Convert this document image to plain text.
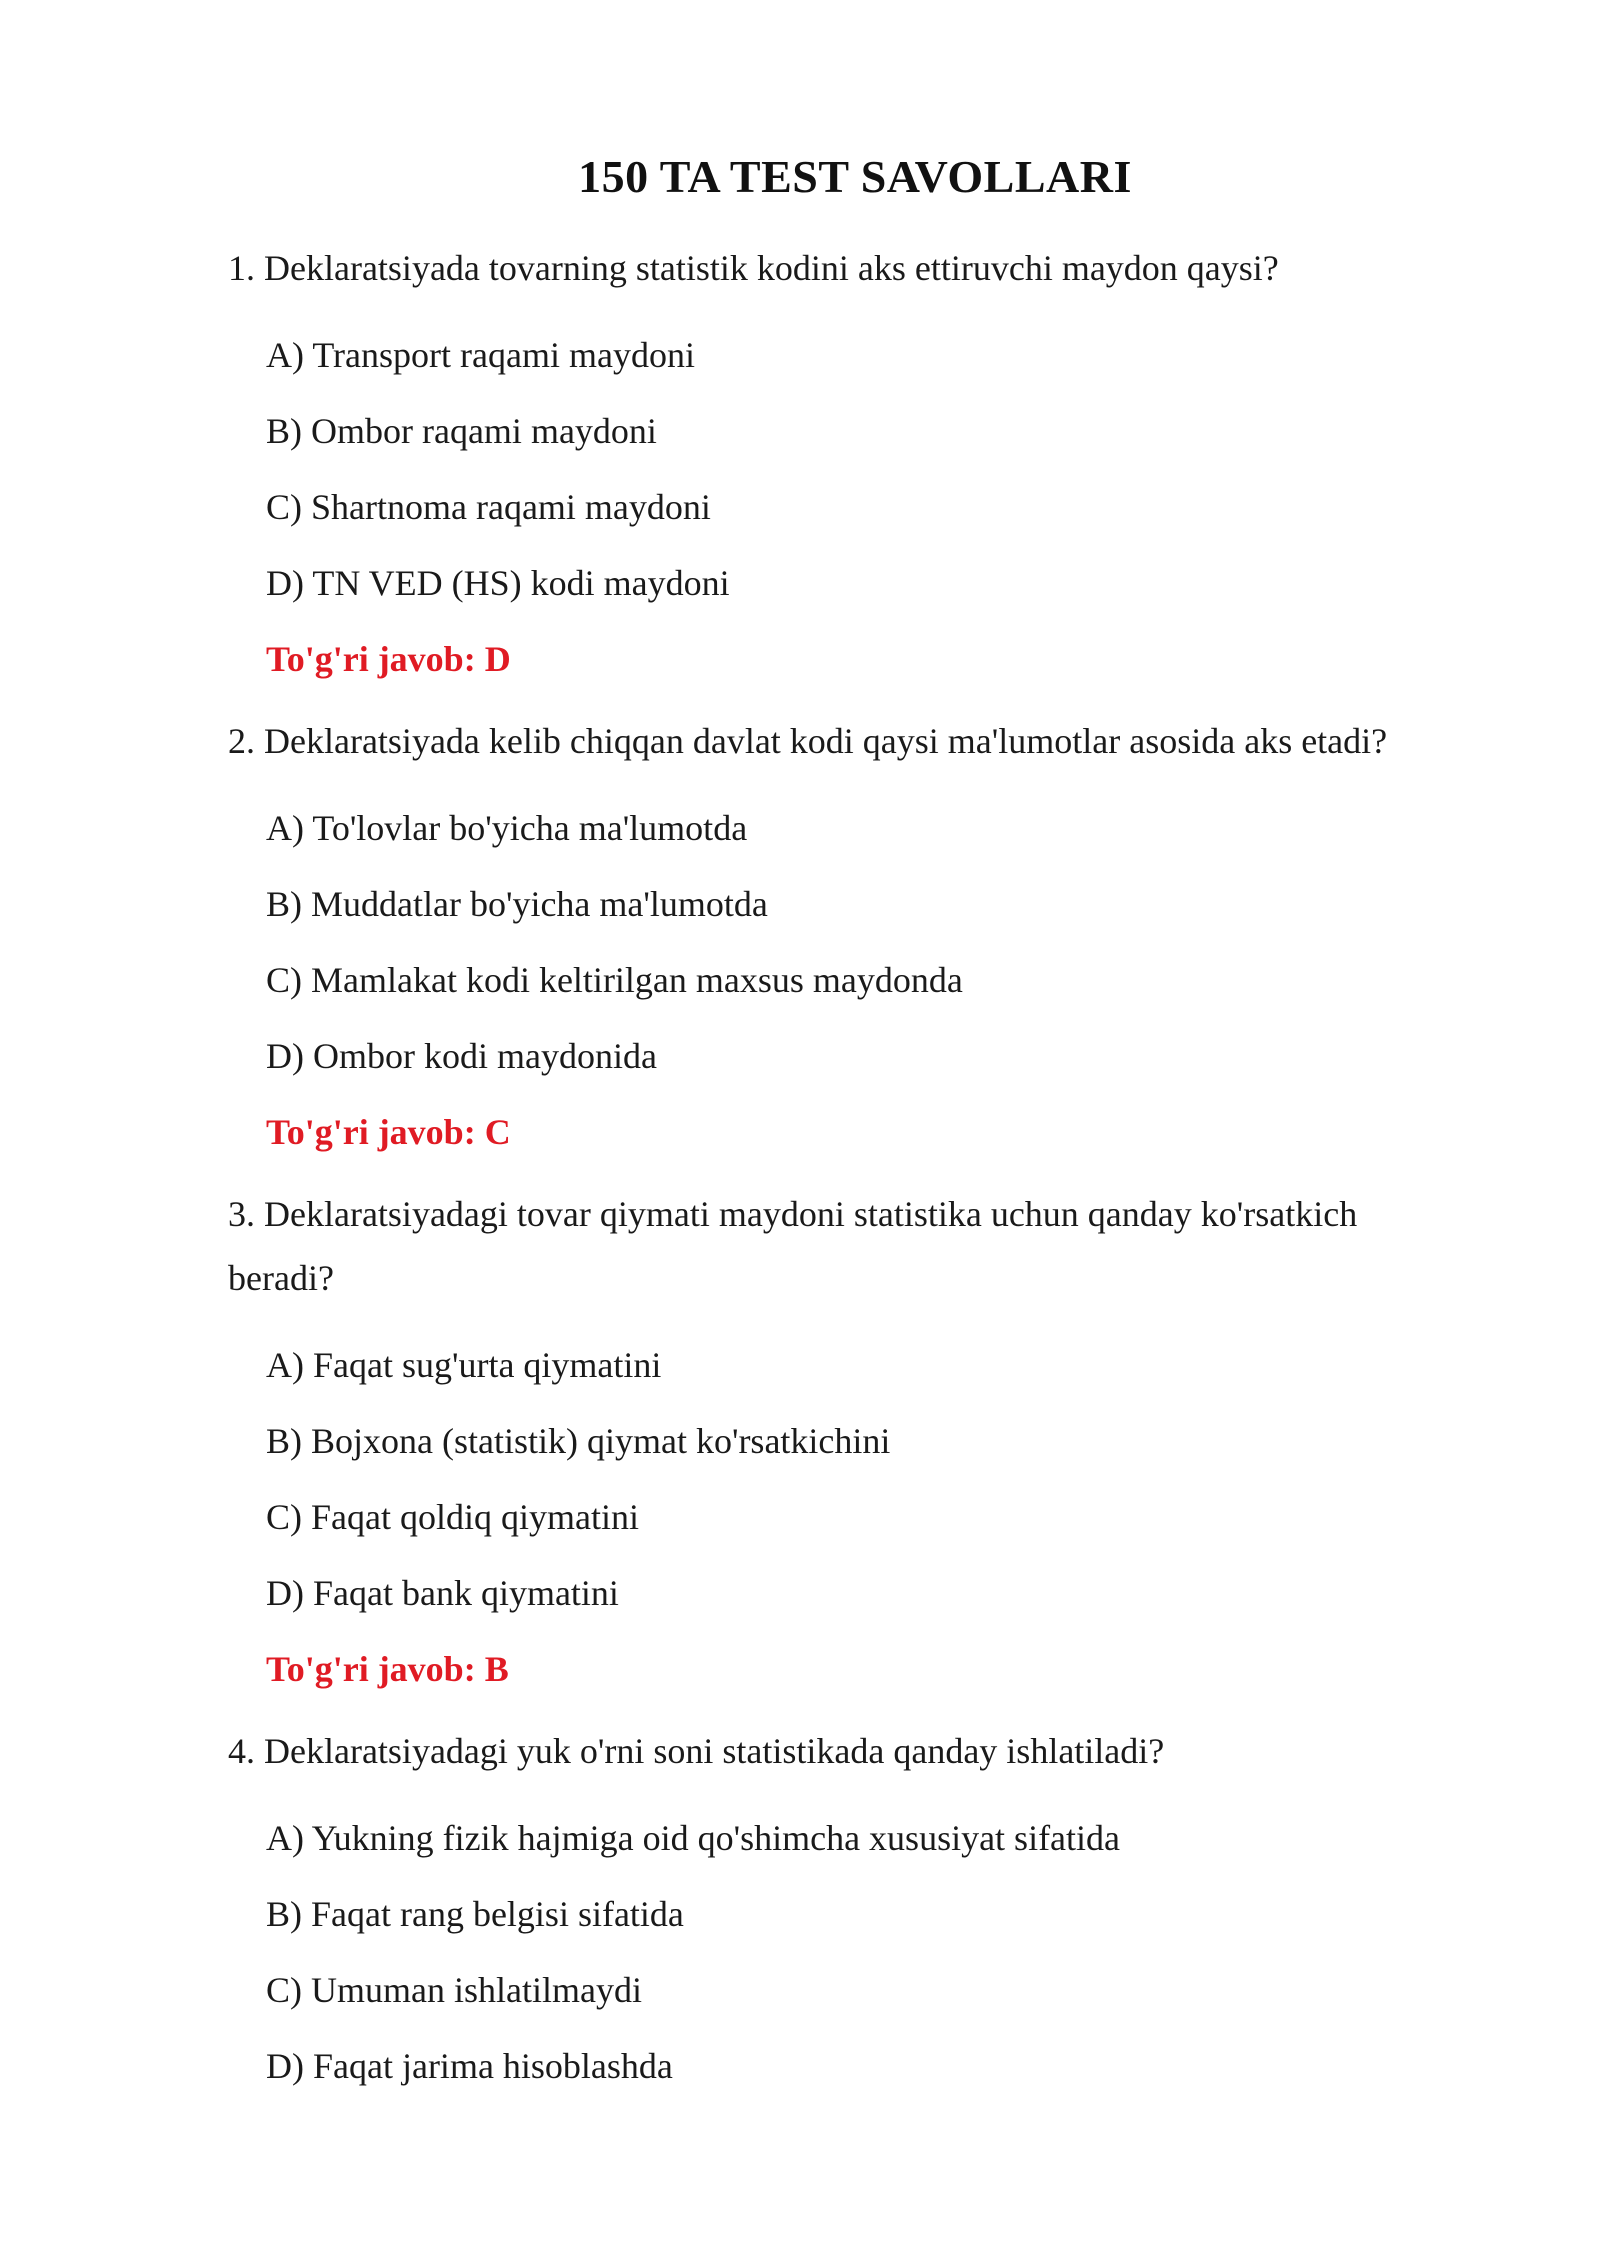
150 TA TEST SAVOLLARI
1. Deklaratsiyada tovarning statistik kodini aks ettiruvchi maydon qaysi?
A) Transport raqami maydoni
B) Ombor raqami maydoni
C) Shartnoma raqami maydoni
D) TN VED (HS) kodi maydoni
To'g'ri javob: D
2. Deklaratsiyada kelib chiqqan davlat kodi qaysi ma'lumotlar asosida aks etadi?
A) To'lovlar bo'yicha ma'lumotda
B) Muddatlar bo'yicha ma'lumotda
C) Mamlakat kodi keltirilgan maxsus maydonda
D) Ombor kodi maydonida
To'g'ri javob: C
3. Deklaratsiyadagi tovar qiymati maydoni statistika uchun qanday ko'rsatkich beradi?
A) Faqat sug'urta qiymatini
B) Bojxona (statistik) qiymat ko'rsatkichini
C) Faqat qoldiq qiymatini
D) Faqat bank qiymatini
To'g'ri javob: B
4. Deklaratsiyadagi yuk o'rni soni statistikada qanday ishlatiladi?
A) Yukning fizik hajmiga oid qo'shimcha xususiyat sifatida
B) Faqat rang belgisi sifatida
C) Umuman ishlatilmaydi
D) Faqat jarima hisoblashda
